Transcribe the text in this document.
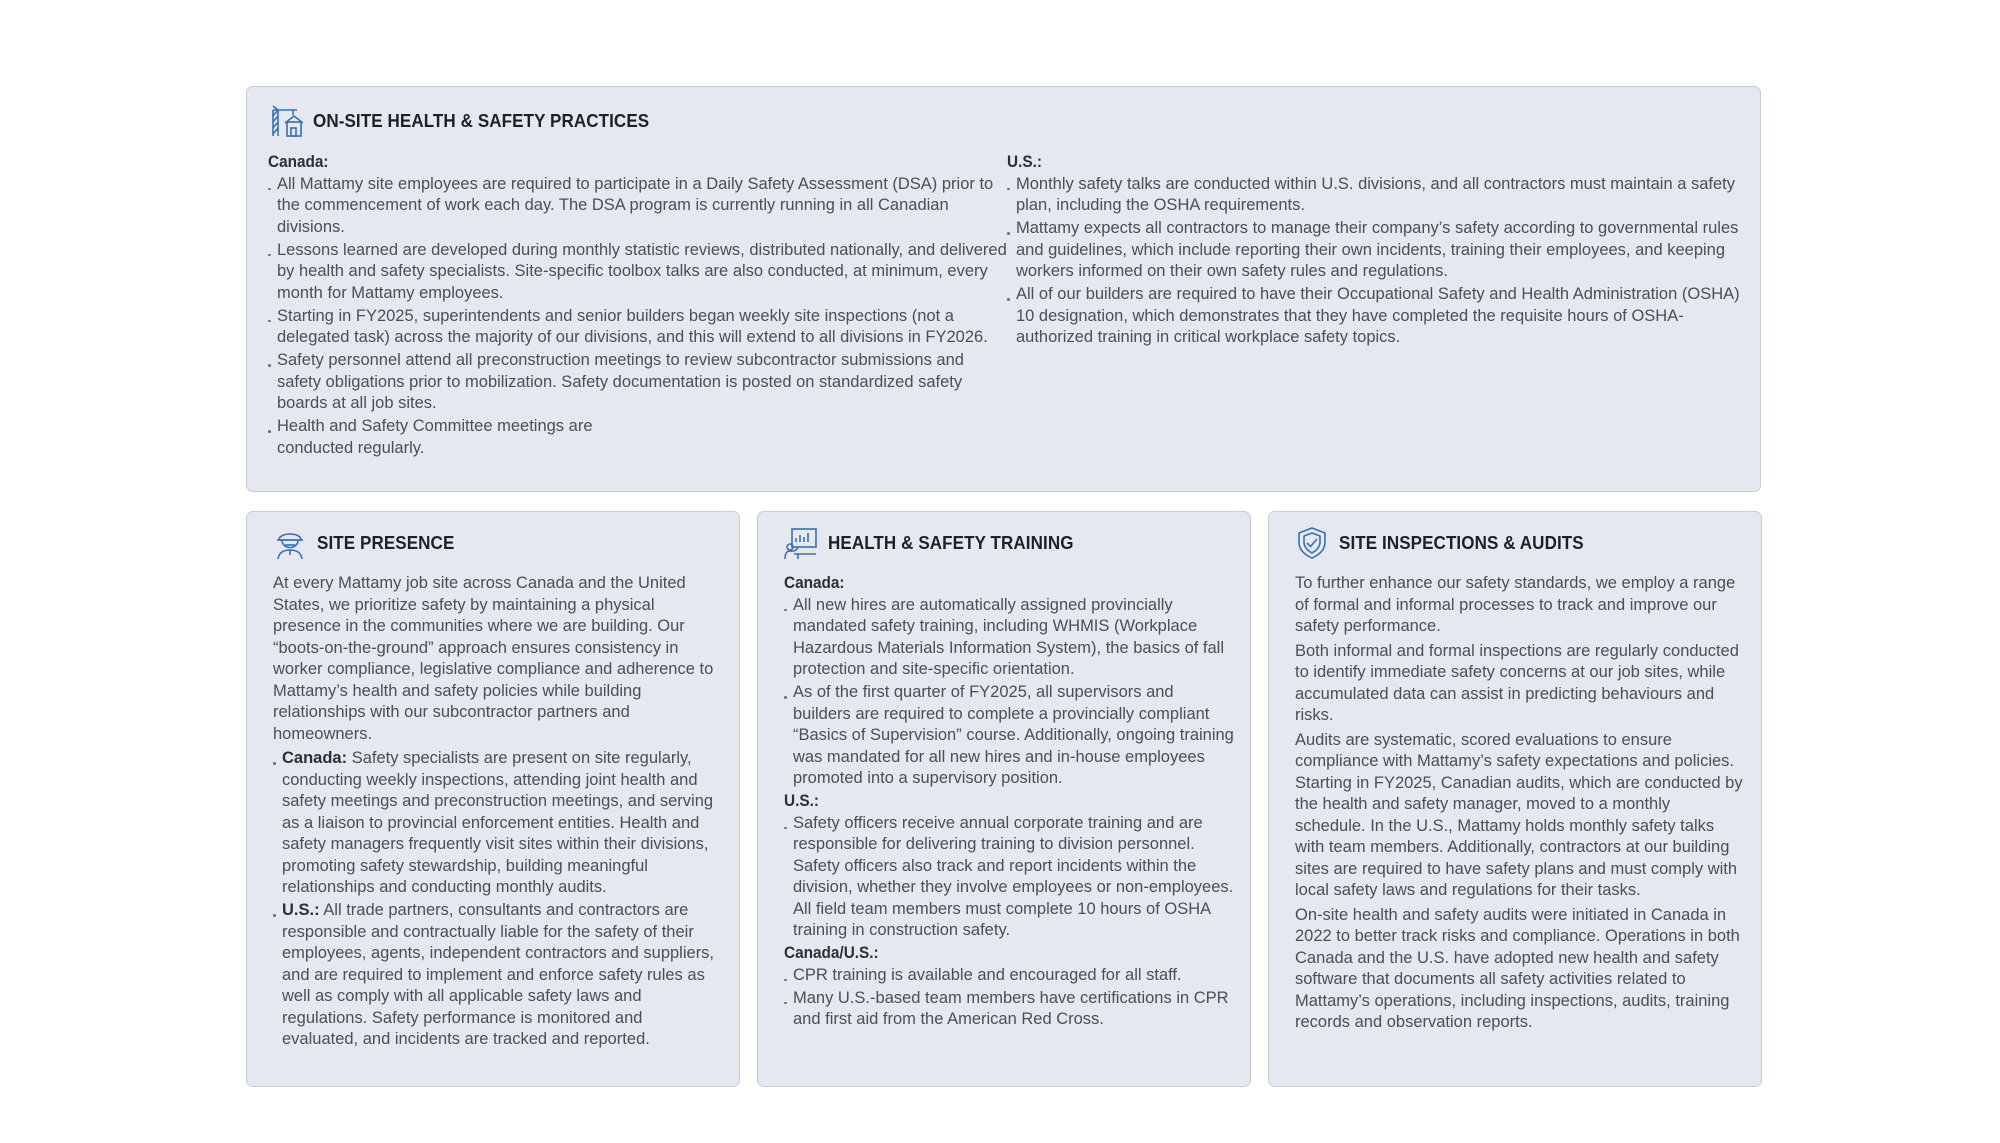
ON-SITE HEALTH & SAFETY PRACTICES
Canada:
All Mattamy site employees are required to participate in a Daily Safety Assessment (DSA) prior to the commencement of work each day. The DSA program is currently running in all Canadian divisions.
Lessons learned are developed during monthly statistic reviews, distributed nationally, and delivered by health and safety specialists. Site-specific toolbox talks are also conducted, at minimum, every month for Mattamy employees.
Starting in FY2025, superintendents and senior builders began weekly site inspections (not a delegated task) across the majority of our divisions, and this will extend to all divisions in FY2026.
Safety personnel attend all preconstruction meetings to review subcontractor submissions and safety obligations prior to mobilization. Safety documentation is posted on standardized safety boards at all job sites.
Health and Safety Committee meetings are conducted regularly.
U.S.:
Monthly safety talks are conducted within U.S. divisions, and all contractors must maintain a safety plan, including the OSHA requirements.
Mattamy expects all contractors to manage their company’s safety according to governmental rules and guidelines, which include reporting their own incidents, training their employees, and keeping workers informed on their own safety rules and regulations.
All of our builders are required to have their Occupational Safety and Health Administration (OSHA) 10 designation, which demonstrates that they have completed the requisite hours of OSHA-authorized training in critical workplace safety topics.
SITE PRESENCE

At every Mattamy job site across Canada and the United States, we prioritize safety by maintaining a physical presence in the communities where we are building. Our “boots-on-the-ground” approach ensures consistency in worker compliance, legislative compliance and adherence to Mattamy’s health and safety policies while building relationships with our subcontractor partners and homeowners.

Canada: Safety specialists are present on site regularly, conducting weekly inspections, attending joint health and safety meetings and preconstruction meetings, and serving as a liaison to provincial enforcement entities. Health and safety managers frequently visit sites within their divisions, promoting safety stewardship, building meaningful relationships and conducting monthly audits.
U.S.: All trade partners, consultants and contractors are responsible and contractually liable for the safety of their employees, agents, independent contractors and suppliers, and are required to implement and enforce safety rules as well as comply with all applicable safety laws and regulations. Safety performance is monitored and evaluated, and incidents are tracked and reported.
HEALTH & SAFETY TRAINING
Canada:
All new hires are automatically assigned provincially mandated safety training, including WHMIS (Workplace Hazardous Materials Information System), the basics of fall protection and site-specific orientation.
As of the first quarter of FY2025, all supervisors and builders are required to complete a provincially compliant “Basics of Supervision” course. Additionally, ongoing training was mandated for all new hires and in-house employees promoted into a supervisory position.
U.S.:
Safety officers receive annual corporate training and are responsible for delivering training to division personnel. Safety officers also track and report incidents within the division, whether they involve employees or non-employees. All field team members must complete 10 hours of OSHA training in construction safety.
Canada/U.S.:
CPR training is available and encouraged for all staff.
Many U.S.-based team members have certifications in CPR and first aid from the American Red Cross.
SITE INSPECTIONS & AUDITS

To further enhance our safety standards, we employ a range of formal and informal processes to track and improve our safety performance.

Both informal and formal inspections are regularly conducted to identify immediate safety concerns at our job sites, while accumulated data can assist in predicting behaviours and risks.

Audits are systematic, scored evaluations to ensure compliance with Mattamy’s safety expectations and policies. Starting in FY2025, Canadian audits, which are conducted by the health and safety manager, moved to a monthly schedule. In the U.S., Mattamy holds monthly safety talks with team members. Additionally, contractors at our building sites are required to have safety plans and must comply with local safety laws and regulations for their tasks.

On-site health and safety audits were initiated in Canada in 2022 to better track risks and compliance. Operations in both Canada and the U.S. have adopted new health and safety software that documents all safety activities related to Mattamy’s operations, including inspections, audits, training records and observation reports.
